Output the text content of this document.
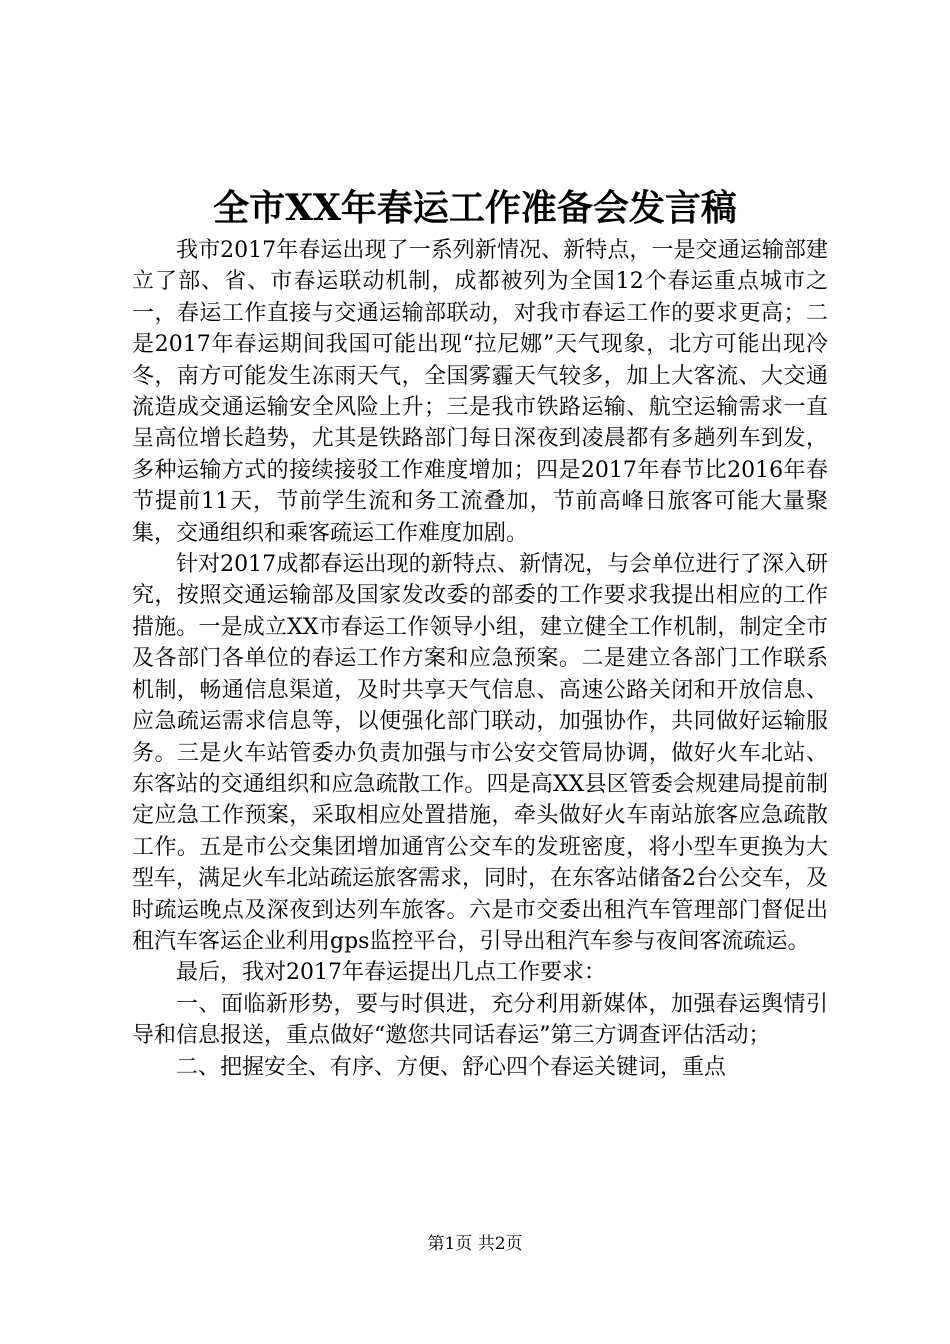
全市XX年春运工作准备会发言稿

我市2017年春运出现了一系列新情况、新特点，一是交通运输部建立了部、省、市春运联动机制，成都被列为全国12个春运重点城市之一，春运工作直接与交通运输部联动，对我市春运工作的要求更高；二是2017年春运期间我国可能出现“拉尼娜”天气现象，北方可能出现冷冬，南方可能发生冻雨天气，全国雾霾天气较多，加上大客流、大交通流造成交通运输安全风险上升；三是我市铁路运输、航空运输需求一直呈高位增长趋势，尤其是铁路部门每日深夜到凌晨都有多趟列车到发，多种运输方式的接续接驳工作难度增加；四是2017年春节比2016年春节提前11天，节前学生流和务工流叠加，节前高峰日旅客可能大量聚集，交通组织和乘客疏运工作难度加剧。

针对2017成都春运出现的新特点、新情况，与会单位进行了深入研究，按照交通运输部及国家发改委的部委的工作要求我提出相应的工作措施。一是成立XX市春运工作领导小组，建立健全工作机制，制定全市及各部门各单位的春运工作方案和应急预案。二是建立各部门工作联系机制，畅通信息渠道，及时共享天气信息、高速公路关闭和开放信息、应急疏运需求信息等，以便强化部门联动，加强协作，共同做好运输服务。三是火车站管委办负责加强与市公安交管局协调，做好火车北站、东客站的交通组织和应急疏散工作。四是高XX县区管委会规建局提前制定应急工作预案，采取相应处置措施，牵头做好火车南站旅客应急疏散工作。五是市公交集团增加通宵公交车的发班密度，将小型车更换为大型车，满足火车北站疏运旅客需求，同时，在东客站储备2台公交车，及时疏运晚点及深夜到达列车旅客。六是市交委出租汽车管理部门督促出租汽车客运企业利用gps监控平台，引导出租汽车参与夜间客流疏运。

最后，我对2017年春运提出几点工作要求：

一、面临新形势，要与时俱进，充分利用新媒体，加强春运舆情引导和信息报送，重点做好“邀您共同话春运”第三方调查评估活动；

二、把握安全、有序、方便、舒心四个春运关键词，重点

第1页 共2页
